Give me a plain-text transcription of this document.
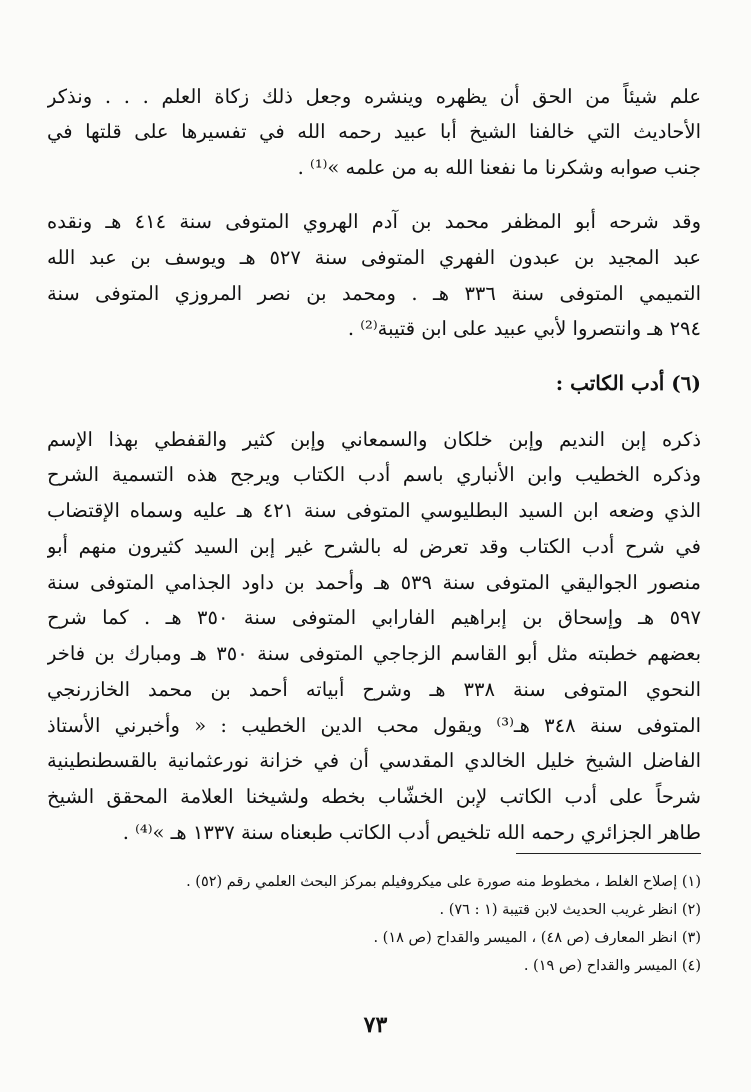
علم شيئاً من الحق أن يظهره وينشره وجعل ذلك زكاة العلم . . . ونذكر
الأحاديث التي خالفنا الشيخ أبا عبيد رحمه الله في تفسيرها على قلتها في
جنب صوابه وشكرنا ما نفعنا الله به من علمه »⁽¹⁾ .
وقد شرحه أبو المظفر محمد بن آدم الهروي المتوفى سنة ٤١٤ هـ ونقده
عبد المجيد بن عبدون الفهري المتوفى سنة ٥٢٧ هـ ويوسف بن عبد الله
التميمي المتوفى سنة ٣٣٦ هـ . ومحمد بن نصر المروزي المتوفى سنة
٢٩٤ هـ وانتصروا لأبي عبيد على ابن قتيبة⁽²⁾ .
(٦) أدب الكاتب :
ذكره إبن النديم وإبن خلكان والسمعاني وإبن كثير والقفطي بهذا الإسم
وذكره الخطيب وابن الأنباري باسم أدب الكتاب ويرجح هذه التسمية الشرح
الذي وضعه ابن السيد البطليوسي المتوفى سنة ٤٢١ هـ عليه وسماه الإقتضاب
في شرح أدب الكتاب وقد تعرض له بالشرح غير إبن السيد كثيرون منهم أبو
منصور الجواليقي المتوفى سنة ٥٣٩ هـ وأحمد بن داود الجذامي المتوفى سنة
٥٩٧ هـ وإسحاق بن إبراهيم الفارابي المتوفى سنة ٣٥٠ هـ . كما شرح
بعضهم خطبته مثل أبو القاسم الزجاجي المتوفى سنة ٣٥٠ هـ ومبارك بن فاخر
النحوي المتوفى سنة ٣٣٨ هـ وشرح أبياته أحمد بن محمد الخازرنجي
المتوفى سنة ٣٤٨ هـ⁽³⁾ ويقول محب الدين الخطيب : « وأخبرني الأستاذ
الفاضل الشيخ خليل الخالدي المقدسي أن في خزانة نورعثمانية بالقسطنطينية
شرحاً على أدب الكاتب لإبن الخشّاب بخطه ولشيخنا العلامة المحقق الشيخ
طاهر الجزائري رحمه الله تلخيص أدب الكاتب طبعناه سنة ١٣٣٧ هـ »⁽⁴⁾ .
(١) إصلاح الغلط ، مخطوط منه صورة على ميكروفيلم بمركز البحث العلمي رقم (٥٢) .
(٢) انظر غريب الحديث لابن قتيبة (١ : ٧٦) .
(٣) انظر المعارف (ص ٤٨) ، الميسر والقداح (ص ١٨) .
(٤) الميسر والقداح (ص ١٩) .
٧٣
